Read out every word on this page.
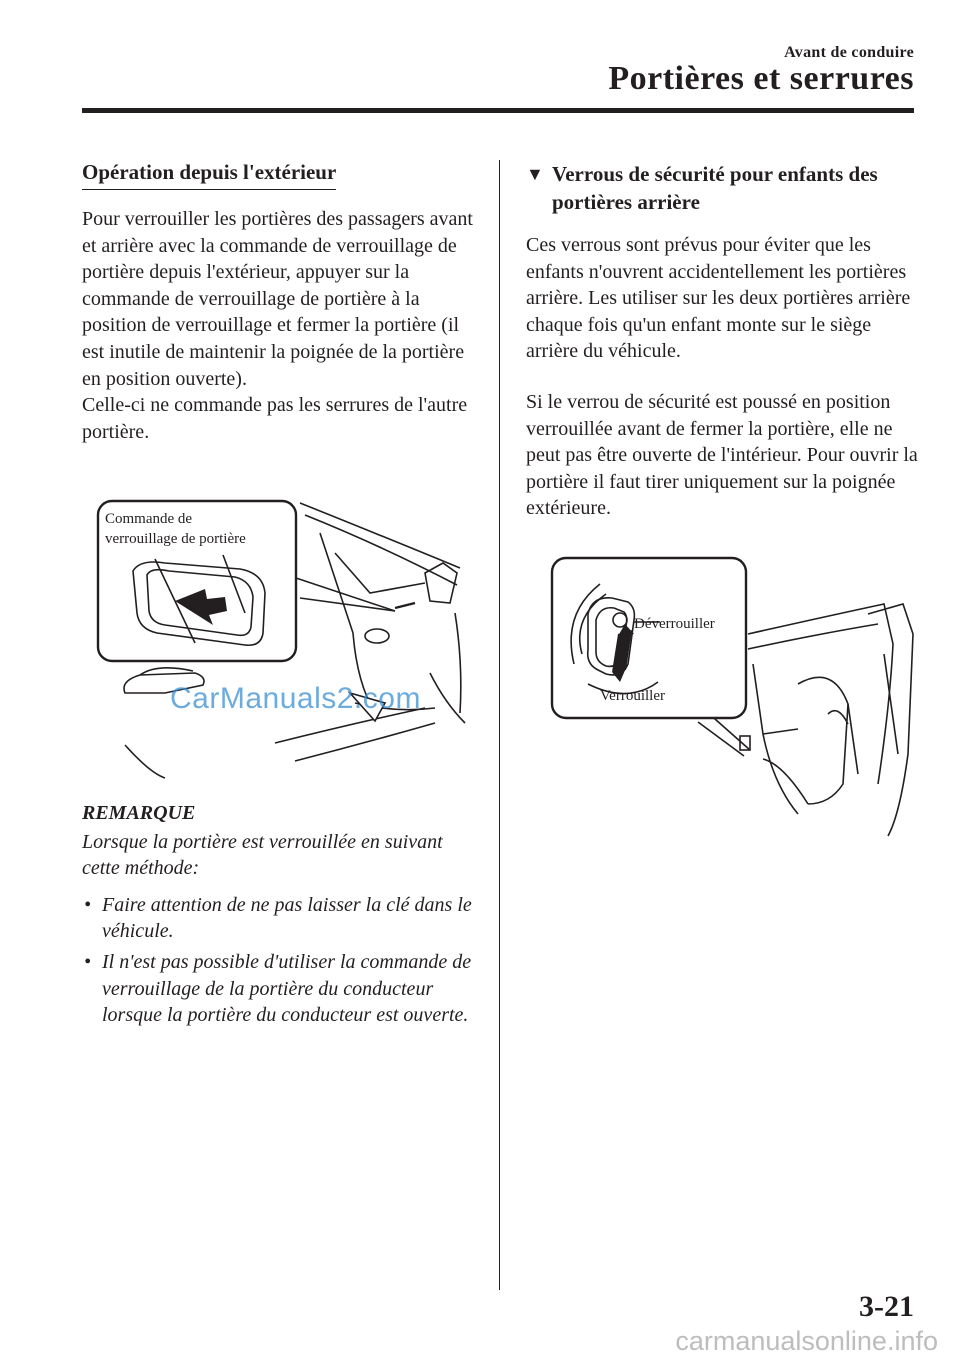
Avant de conduire
Portières et serrures
Opération depuis l'extérieur

Pour verrouiller les portières des passagers avant et arrière avec la commande de verrouillage de portière depuis l'extérieur, appuyer sur la commande de verrouillage de portière à la position de verrouillage et fermer la portière (il est inutile de maintenir la poignée de la portière en position ouverte).

Celle-ci ne commande pas les serrures de l'autre portière.

Commande de
verrouillage de portière
CarManuals2.com

REMARQUE

Lorsque la portière est verrouillée en suivant cette méthode:

• Faire attention de ne pas laisser la clé dans le véhicule.
• Il n'est pas possible d'utiliser la commande de verrouillage de la portière du conducteur lorsque la portière du conducteur est ouverte.
▼ Verrous de sécurité pour enfants des portières arrière

Ces verrous sont prévus pour éviter que les enfants n'ouvrent accidentellement les portières arrière. Les utiliser sur les deux portières arrière chaque fois qu'un enfant monte sur le siège arrière du véhicule.

Si le verrou de sécurité est poussé en position verrouillée avant de fermer la portière, elle ne peut pas être ouverte de l'intérieur. Pour ouvrir la portière il faut tirer uniquement sur la poignée extérieure.

Déverrouiller
Verrouiller
3-21
carmanualsonline.info
